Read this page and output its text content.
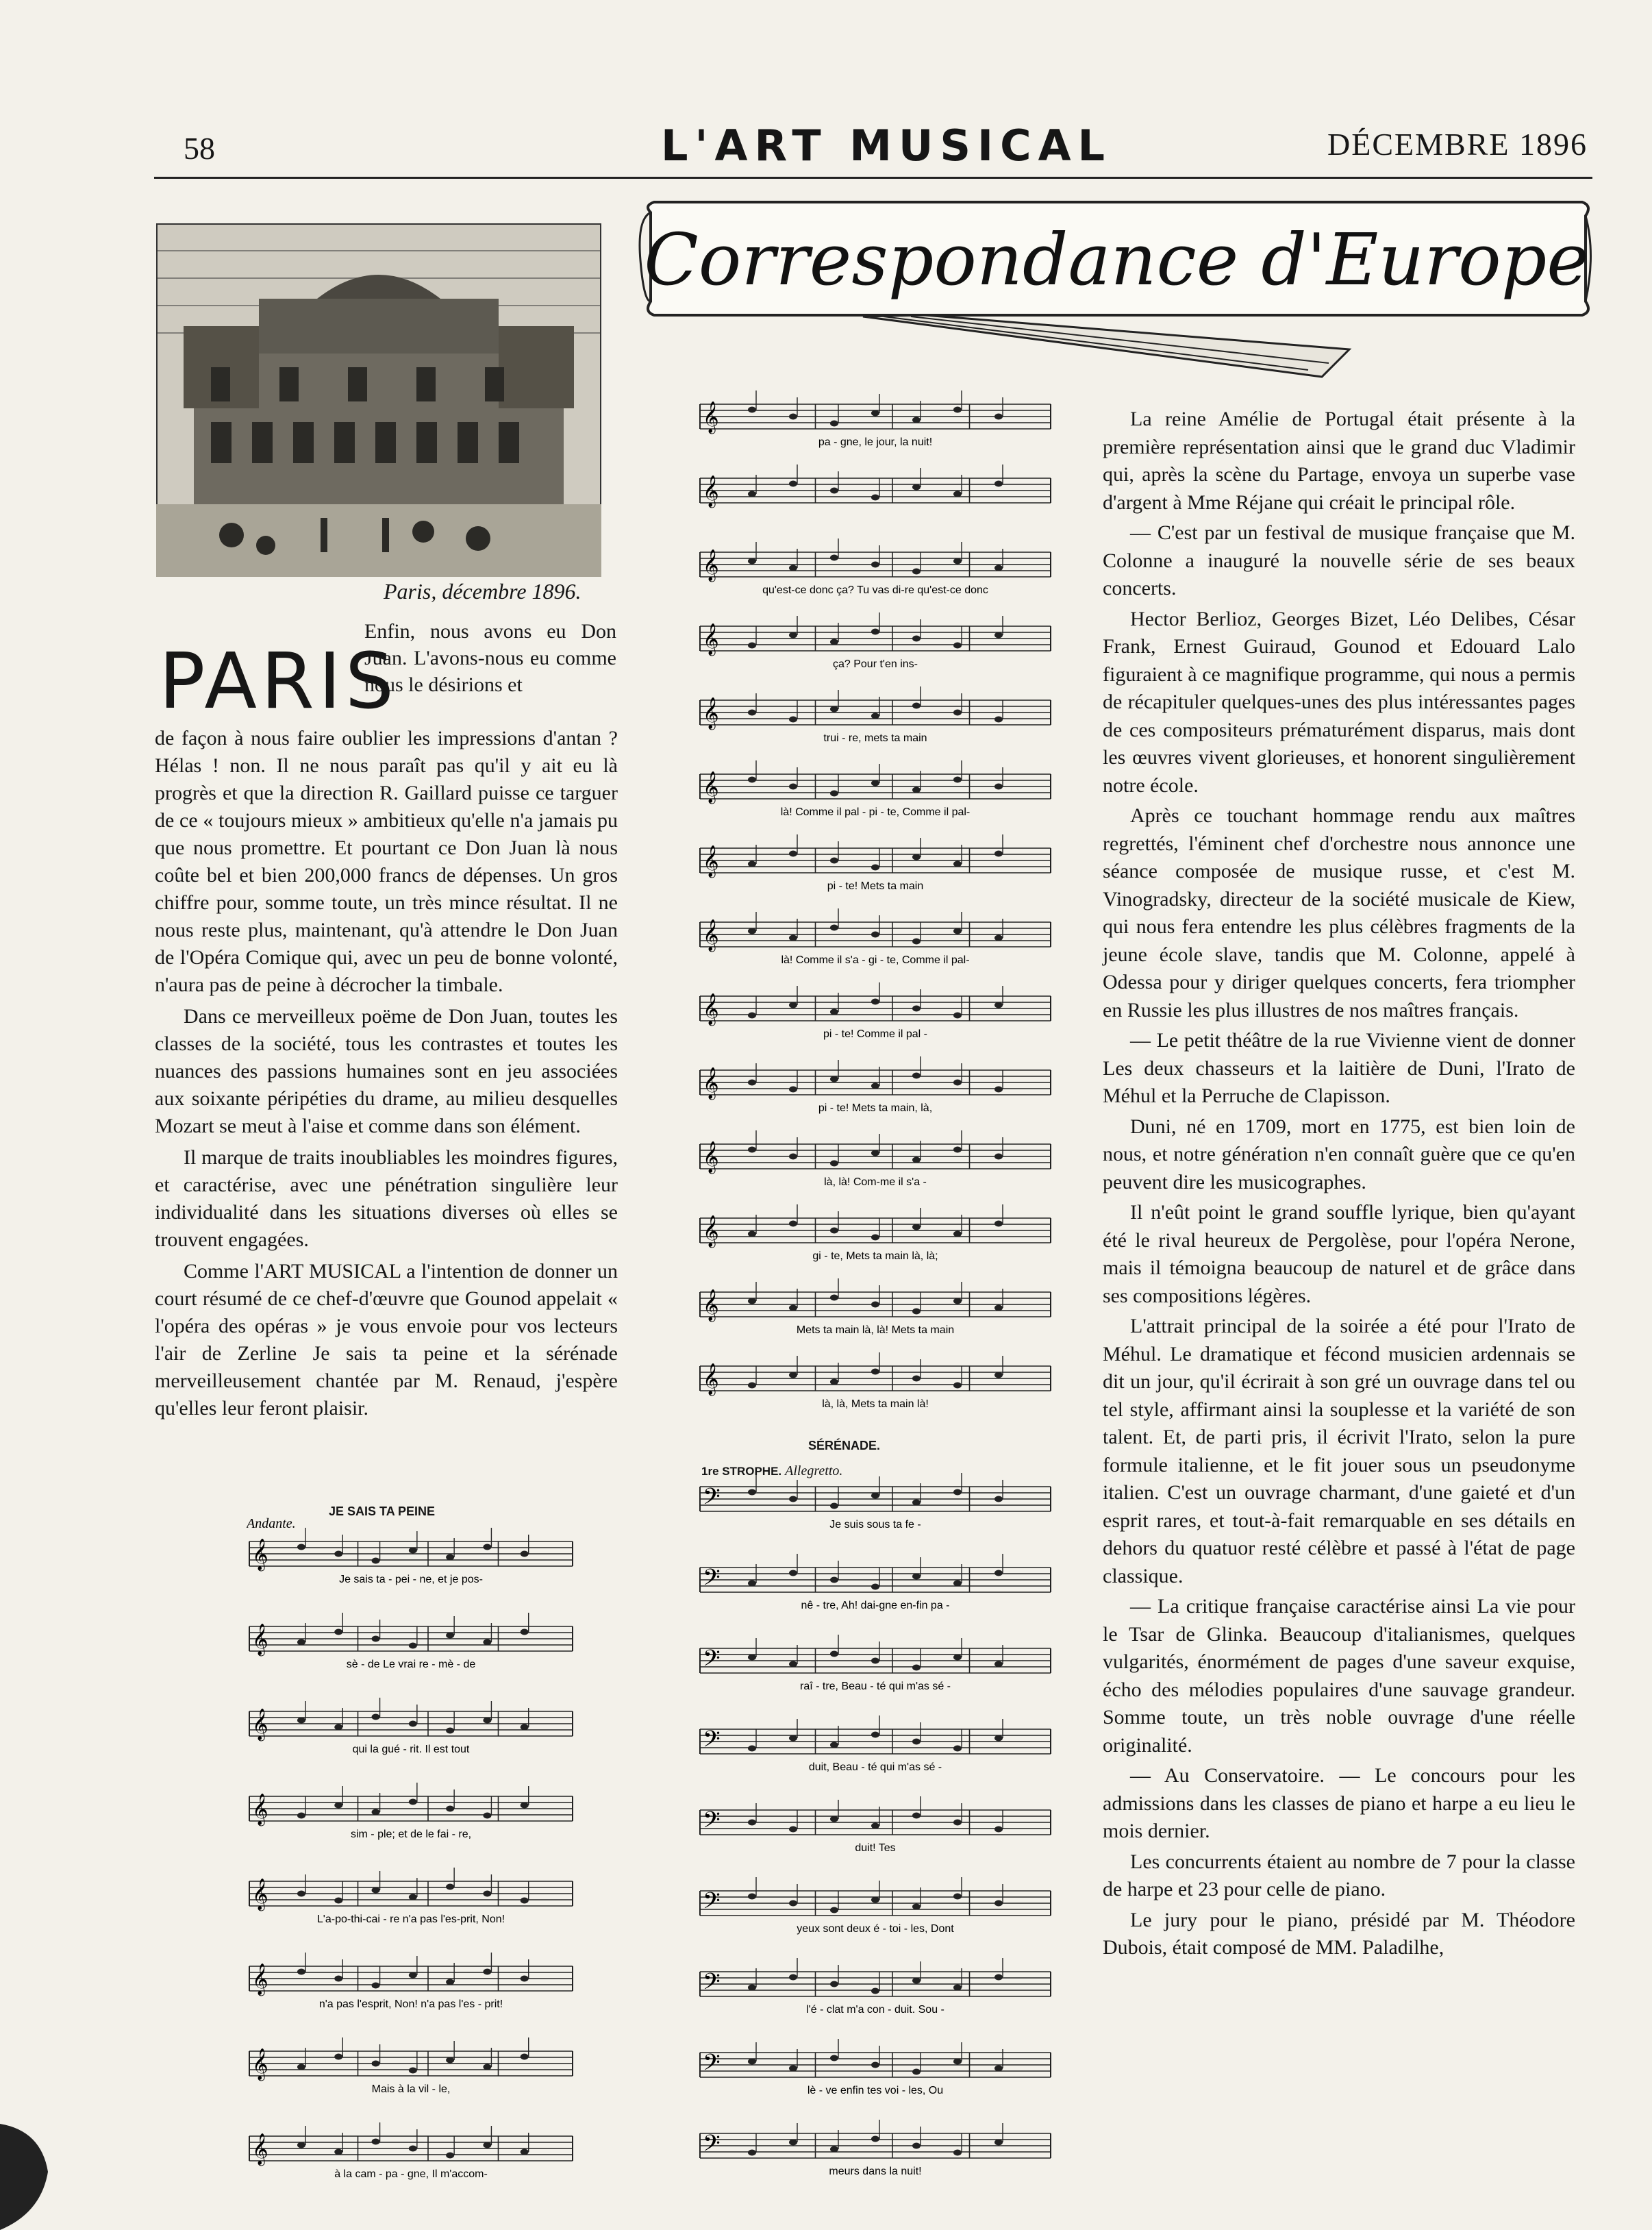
58	L'ART MUSICAL	DÉCEMBRE 1896
Correspondance d'Europe
Paris, décembre 1896.
PARIS
Enfin, nous avons eu Don Juan. L'avons-nous eu comme nous le désirions et

de façon à nous faire oublier les impressions d'antan ? Hélas ! non. Il ne nous paraît pas qu'il y ait eu là progrès et que la direction R. Gaillard puisse ce targuer de ce « toujours mieux » ambitieux qu'elle n'a jamais pu que nous promettre. Et pourtant ce Don Juan là nous coûte bel et bien 200,000 francs de dépenses. Un gros chiffre pour, somme toute, un très mince résultat. Il ne nous reste plus, maintenant, qu'à attendre le Don Juan de l'Opéra Comique qui, avec un peu de bonne volonté, n'aura pas de peine à décrocher la timbale.

Dans ce merveilleux poëme de Don Juan, toutes les classes de la société, tous les contrastes et toutes les nuances des passions humaines sont en jeu associées aux soixante péripéties du drame, au milieu desquelles Mozart se meut à l'aise et comme dans son élément.

Il marque de traits inoubliables les moindres figures, et caractérise, avec une pénétration singulière leur individualité dans les situations diverses où elles se trouvent engagées.

Comme l'ART MUSICAL a l'intention de donner un court résumé de ce chef-d'œuvre que Gounod appelait « l'opéra des opéras » je vous envoie pour vos lecteurs l'air de Zerline Je sais ta peine et la sérénade merveilleusement chantée par M. Renaud, j'espère qu'elles leur feront plaisir.

JE SAIS TA PEINE
𝄞
Je sais ta - pei - ne, et je pos-
𝄞
sè - de Le vrai re - mè - de
𝄞
qui la gué - rit. Il est tout
𝄞
sim - ple; et de le fai - re,
𝄞
L'a-po-thi-cai - re n'a pas l'es-prit, Non!
𝄞
n'a pas l'esprit, Non! n'a pas l'es - prit!
𝄞
Mais à la vil - le,
𝄞
à la cam - pa - gne, Il m'accom-
Andante.
𝄞
pa - gne, le jour, la nuit!
𝄞
𝄞
qu'est-ce donc ça? Tu vas di-re qu'est-ce donc
𝄞
ça? Pour t'en ins-
𝄞
trui - re, mets ta main
𝄞
là! Comme il pal - pi - te, Comme il pal-
𝄞
pi - te! Mets ta main
𝄞
là! Comme il s'a - gi - te, Comme il pal-
𝄞
pi - te! Comme il pal -
𝄞
pi - te! Mets ta main, là,
𝄞
là, là! Com-me il s'a -
𝄞
gi - te, Mets ta main là, là;
𝄞
Mets ta main là, là! Mets ta main
𝄞
là, là, Mets ta main là!
𝄢
Je suis sous ta fe -
𝄢
nê - tre, Ah! dai-gne en-fin pa -
𝄢
raî - tre, Beau - té qui m'as sé -
𝄢
duit, Beau - té qui m'as sé -
𝄢
duit! Tes
𝄢
yeux sont deux é - toi - les, Dont
𝄢
l'é - clat m'a con - duit. Sou -
𝄢
lè - ve enfin tes voi - les, Ou
𝄢
meurs dans la nuit!
SÉRÉNADE.
1re STROPHE. Allegretto.

La reine Amélie de Portugal était présente à la première représentation ainsi que le grand duc Vladimir qui, après la scène du Partage, envoya un superbe vase d'argent à Mme Réjane qui créait le principal rôle.

— C'est par un festival de musique française que M. Colonne a inauguré la nouvelle série de ses beaux concerts.

Hector Berlioz, Georges Bizet, Léo Delibes, César Frank, Ernest Guiraud, Gounod et Edouard Lalo figuraient à ce magnifique programme, qui nous a permis de récapituler quelques-unes des plus intéressantes pages de ces compositeurs prématurément disparus, mais dont les œuvres vivent glorieuses, et honorent singulièrement notre école.

Après ce touchant hommage rendu aux maîtres regrettés, l'éminent chef d'orchestre nous annonce une séance composée de musique russe, et c'est M. Vinogradsky, directeur de la société musicale de Kiew, qui nous fera entendre les plus célèbres fragments de la jeune école slave, tandis que M. Colonne, appelé à Odessa pour y diriger quelques concerts, fera triompher en Russie les plus illustres de nos maîtres français.

— Le petit théâtre de la rue Vivienne vient de donner Les deux chasseurs et la laitière de Duni, l'Irato de Méhul et la Perruche de Clapisson.

Duni, né en 1709, mort en 1775, est bien loin de nous, et notre génération n'en connaît guère que ce qu'en peuvent dire les musicographes.

Il n'eût point le grand souffle lyrique, bien qu'ayant été le rival heureux de Pergolèse, pour l'opéra Nerone, mais il témoigna beaucoup de naturel et de grâce dans ses compositions légères.

L'attrait principal de la soirée a été pour l'Irato de Méhul. Le dramatique et fécond musicien ardennais se dit un jour, qu'il écrirait à son gré un ouvrage dans tel ou tel style, affirmant ainsi la souplesse et la variété de son talent. Et, de parti pris, il écrivit l'Irato, selon la pure formule italienne, et le fit jouer sous un pseudonyme italien. C'est un ouvrage charmant, d'une gaieté et d'un esprit rares, et tout-à-fait remarquable en ses détails en dehors du quatuor resté célèbre et passé à l'état de page classique.

— La critique française caractérise ainsi La vie pour le Tsar de Glinka. Beaucoup d'italianismes, quelques vulgarités, énormément de pages d'une saveur exquise, écho des mélodies populaires d'une sauvage grandeur. Somme toute, un très noble ouvrage d'une réelle originalité.

— Au Conservatoire. — Le concours pour les admissions dans les classes de piano et harpe a eu lieu le mois dernier.

Les concurrents étaient au nombre de 7 pour la classe de harpe et 23 pour celle de piano.

Le jury pour le piano, présidé par M. Théodore Dubois, était composé de MM. Paladilhe,
